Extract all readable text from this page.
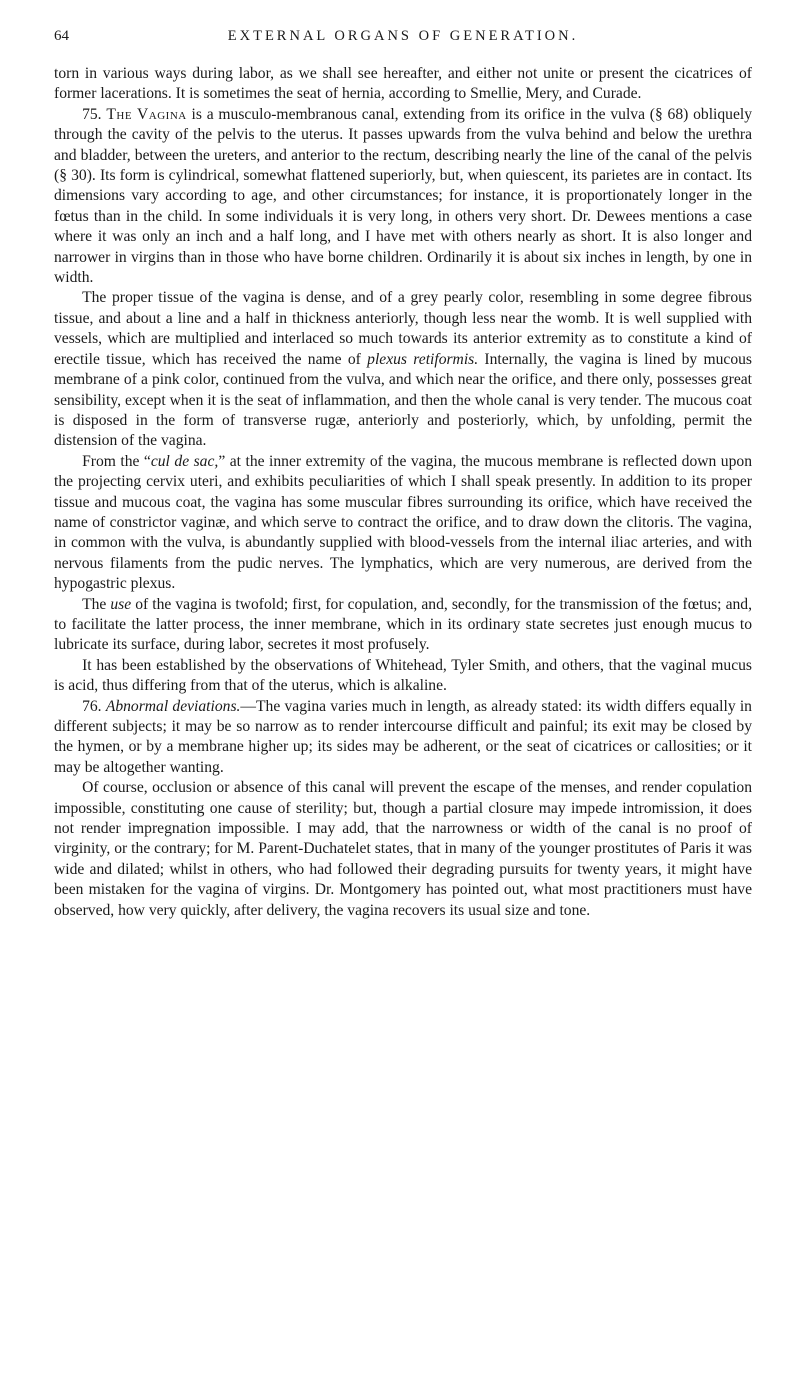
64	EXTERNAL ORGANS OF GENERATION.

torn in various ways during labor, as we shall see hereafter, and either not unite or present the cicatrices of former lacerations. It is sometimes the seat of hernia, according to Smellie, Mery, and Curade.

75. The Vagina is a musculo-membranous canal, extending from its orifice in the vulva (§ 68) obliquely through the cavity of the pelvis to the uterus. It passes upwards from the vulva behind and below the urethra and bladder, between the ureters, and anterior to the rectum, describing nearly the line of the canal of the pelvis (§ 30). Its form is cylindrical, somewhat flattened superiorly, but, when quiescent, its parietes are in contact. Its dimensions vary according to age, and other circumstances; for instance, it is proportionately longer in the fœtus than in the child. In some individuals it is very long, in others very short. Dr. Dewees mentions a case where it was only an inch and a half long, and I have met with others nearly as short. It is also longer and narrower in virgins than in those who have borne children. Ordinarily it is about six inches in length, by one in width.

The proper tissue of the vagina is dense, and of a grey pearly color, resembling in some degree fibrous tissue, and about a line and a half in thickness anteriorly, though less near the womb. It is well supplied with vessels, which are multiplied and interlaced so much towards its anterior extremity as to constitute a kind of erectile tissue, which has received the name of plexus retiformis. Internally, the vagina is lined by mucous membrane of a pink color, continued from the vulva, and which near the orifice, and there only, possesses great sensibility, except when it is the seat of inflammation, and then the whole canal is very tender. The mucous coat is disposed in the form of transverse rugæ, anteriorly and posteriorly, which, by unfolding, permit the distension of the vagina.

From the “cul de sac,” at the inner extremity of the vagina, the mucous membrane is reflected down upon the projecting cervix uteri, and exhibits peculiarities of which I shall speak presently. In addition to its proper tissue and mucous coat, the vagina has some muscular fibres surrounding its orifice, which have received the name of constrictor vaginæ, and which serve to contract the orifice, and to draw down the clitoris. The vagina, in common with the vulva, is abundantly supplied with blood-vessels from the internal iliac arteries, and with nervous filaments from the pudic nerves. The lymphatics, which are very numerous, are derived from the hypogastric plexus.

The use of the vagina is twofold; first, for copulation, and, secondly, for the transmission of the fœtus; and, to facilitate the latter process, the inner membrane, which in its ordinary state secretes just enough mucus to lubricate its surface, during labor, secretes it most profusely.

It has been established by the observations of Whitehead, Tyler Smith, and others, that the vaginal mucus is acid, thus differing from that of the uterus, which is alkaline.

76. Abnormal deviations.—The vagina varies much in length, as already stated: its width differs equally in different subjects; it may be so narrow as to render intercourse difficult and painful; its exit may be closed by the hymen, or by a membrane higher up; its sides may be adherent, or the seat of cicatrices or callosities; or it may be altogether wanting.

Of course, occlusion or absence of this canal will prevent the escape of the menses, and render copulation impossible, constituting one cause of sterility; but, though a partial closure may impede intromission, it does not render impregnation impossible. I may add, that the narrowness or width of the canal is no proof of virginity, or the contrary; for M. Parent-Duchatelet states, that in many of the younger prostitutes of Paris it was wide and dilated; whilst in others, who had followed their degrading pursuits for twenty years, it might have been mistaken for the vagina of virgins. Dr. Montgomery has pointed out, what most practitioners must have observed, how very quickly, after delivery, the vagina recovers its usual size and tone.
